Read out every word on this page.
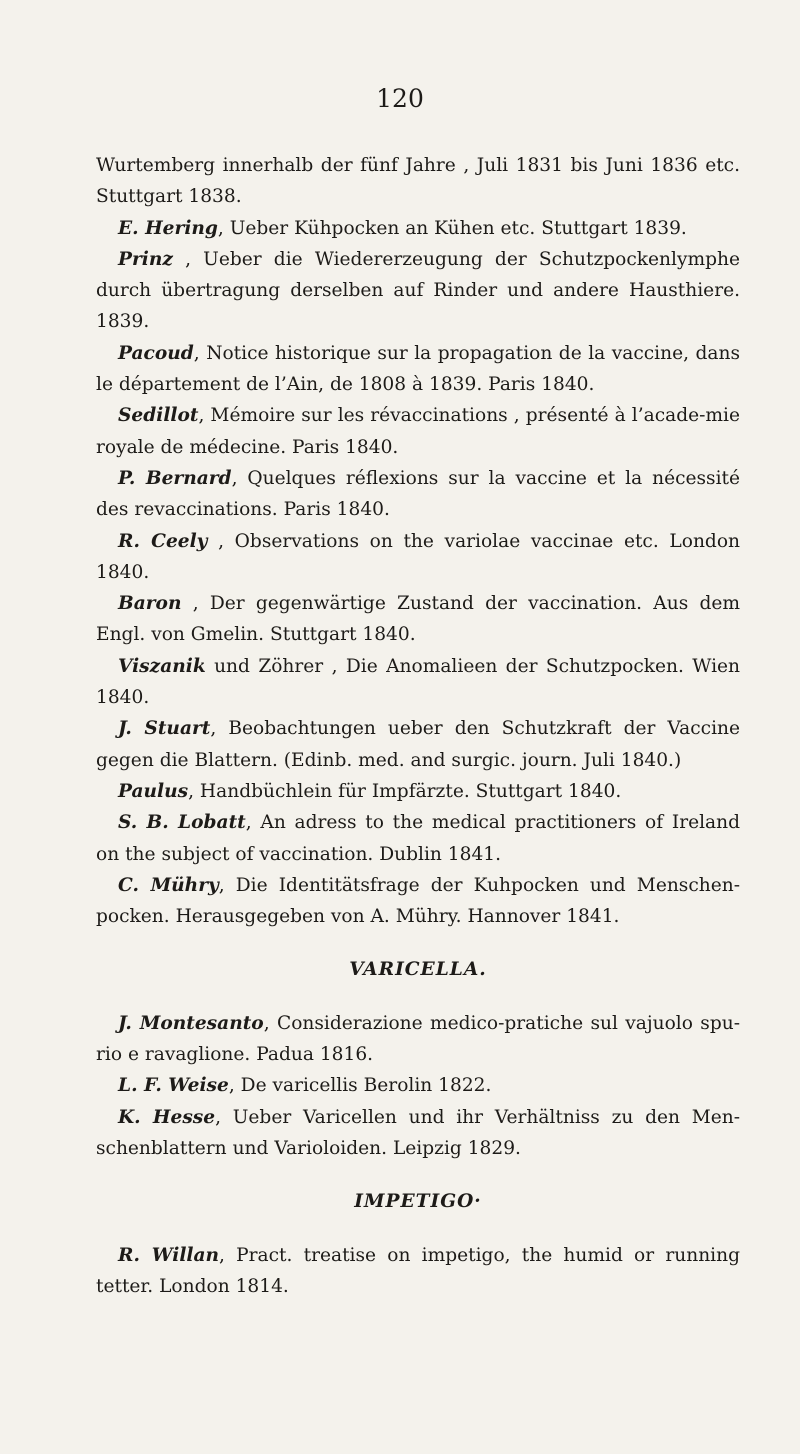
120

Wurtemberg innerhalb der fünf Jahre , Juli 1831 bis Juni 1836 etc. Stuttgart 1838.

E. Hering, Ueber Kühpocken an Kühen etc. Stuttgart 1839.

Prinz , Ueber die Wiedererzeugung der Schutzpockenlymphe durch übertragung derselben auf Rinder und andere Hausthiere. 1839.

Pacoud, Notice historique sur la propagation de la vaccine, dans le département de l’Ain, de 1808 à 1839. Paris 1840.

Sedillot, Mémoire sur les révaccinations , présenté à l’acade-mie royale de médecine. Paris 1840.

P. Bernard, Quelques réflexions sur la vaccine et la nécessité des revaccinations. Paris 1840.

R. Ceely , Observations on the variolae vaccinae etc. London 1840.

Baron , Der gegenwärtige Zustand der vaccination. Aus dem Engl. von Gmelin. Stuttgart 1840.

Viszanik und Zöhrer , Die Anomalieen der Schutzpocken. Wien 1840.

J. Stuart, Beobachtungen ueber den Schutzkraft der Vaccine gegen die Blattern. (Edinb. med. and surgic. journ. Juli 1840.)

Paulus, Handbüchlein für Impfärzte. Stuttgart 1840.

S. B. Lobatt, An adress to the medical practitioners of Ireland on the subject of vaccination. Dublin 1841.

C. Mühry, Die Identitätsfrage der Kuhpocken und Menschen-pocken. Herausgegeben von A. Mühry. Hannover 1841.

VARICELLA.

J. Montesanto, Considerazione medico-pratiche sul vajuolo spu-rio e ravaglione. Padua 1816.

L. F. Weise, De varicellis Berolin 1822.

K. Hesse, Ueber Varicellen und ihr Verhältniss zu den Men-schenblattern und Varioloiden. Leipzig 1829.

IMPETIGO·

R. Willan, Pract. treatise on impetigo, the humid or running tetter. London 1814.
